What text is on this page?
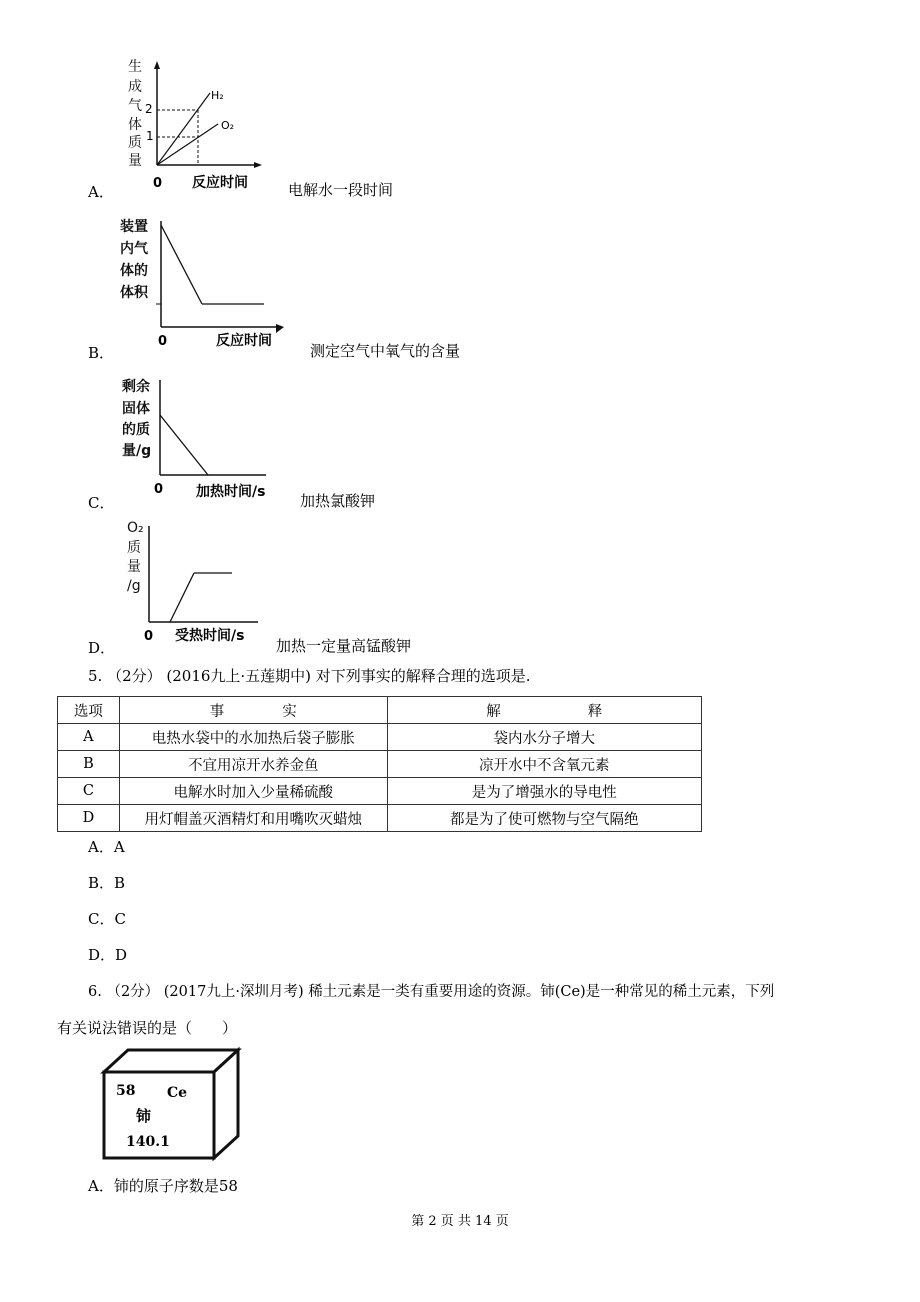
A．
生
成
气
体
质
量
2
1
H₂
O₂
0 反应时间	电解水一段时间
B．
装置
内气
体的
体积
0	反应时间
测定空气中氧气的含量
C．
剩余
固体
的质
量/g
0 加热时间/s 加热氯酸钾
D．
O₂
质
量
/g
0 受热时间/s
加热一定量高锰酸钾
5. （2分） (2016九上·五莲期中) 对下列事实的解释合理的选项是.
选项	事　　　　实	解　　　　　　释
A	电热水袋中的水加热后袋子膨胀	袋内水分子增大
B	不宜用凉开水养金鱼	凉开水中不含氧元素
C	电解水时加入少量稀硫酸	是为了增强水的导电性
D	用灯帽盖灭酒精灯和用嘴吹灭蜡烛	都是为了使可燃物与空气隔绝
A．A
B．B
C．C
D．D
6. （2分） (2017九上·深圳月考) 稀土元素是一类有重要用途的资源。铈(Ce)是一种常见的稀土元素，下列
有关说法错误的是（　　）
58 Ce
铈
140.1
A．铈的原子序数是58
第 2 页 共 14 页
